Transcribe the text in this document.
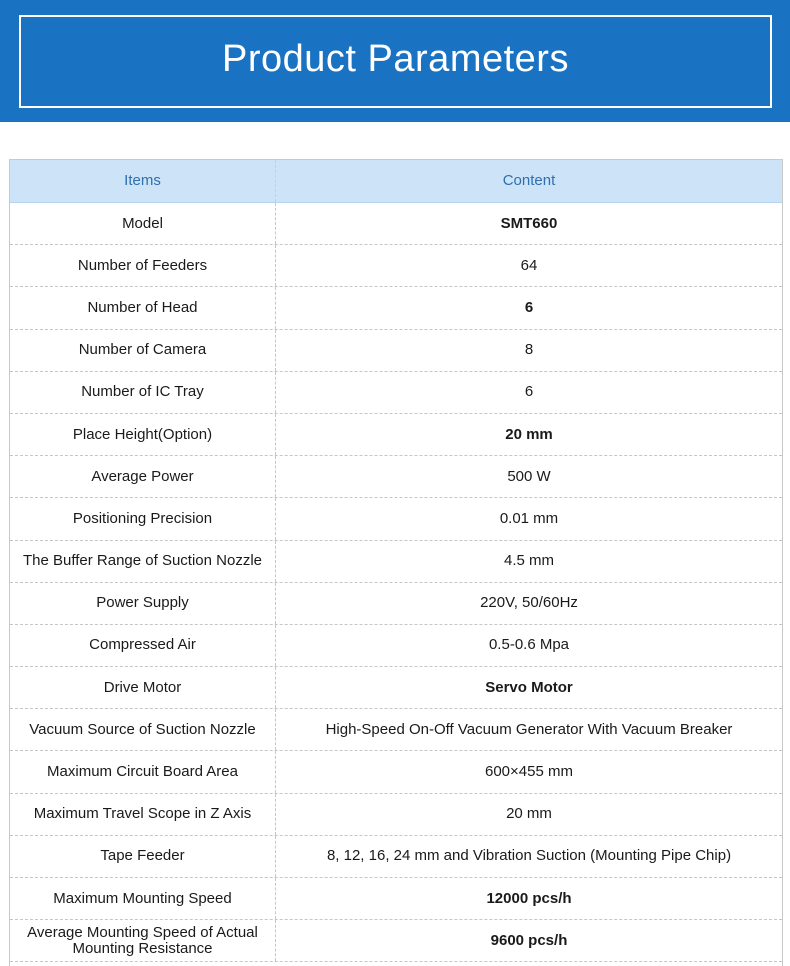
Product Parameters
Items	Content
Model	SMT660
Number of Feeders	64
Number of Head	6
Number of Camera	8
Number of IC Tray	6
Place Height(Option)	20 mm
Average Power	500 W
Positioning Precision	0.01 mm
The Buffer Range of Suction Nozzle	4.5 mm
Power Supply	220V, 50/60Hz
Compressed Air	0.5-0.6 Mpa
Drive Motor	Servo Motor
Vacuum Source of Suction Nozzle	High-Speed On-Off Vacuum Generator With Vacuum Breaker
Maximum Circuit Board Area	600×455 mm
Maximum Travel Scope in Z Axis	20 mm
Tape Feeder	8, 12, 16, 24 mm and Vibration Suction (Mounting Pipe Chip)
Maximum Mounting Speed	12000 pcs/h
Average Mounting Speed of Actual Mounting Resistance	9600 pcs/h
